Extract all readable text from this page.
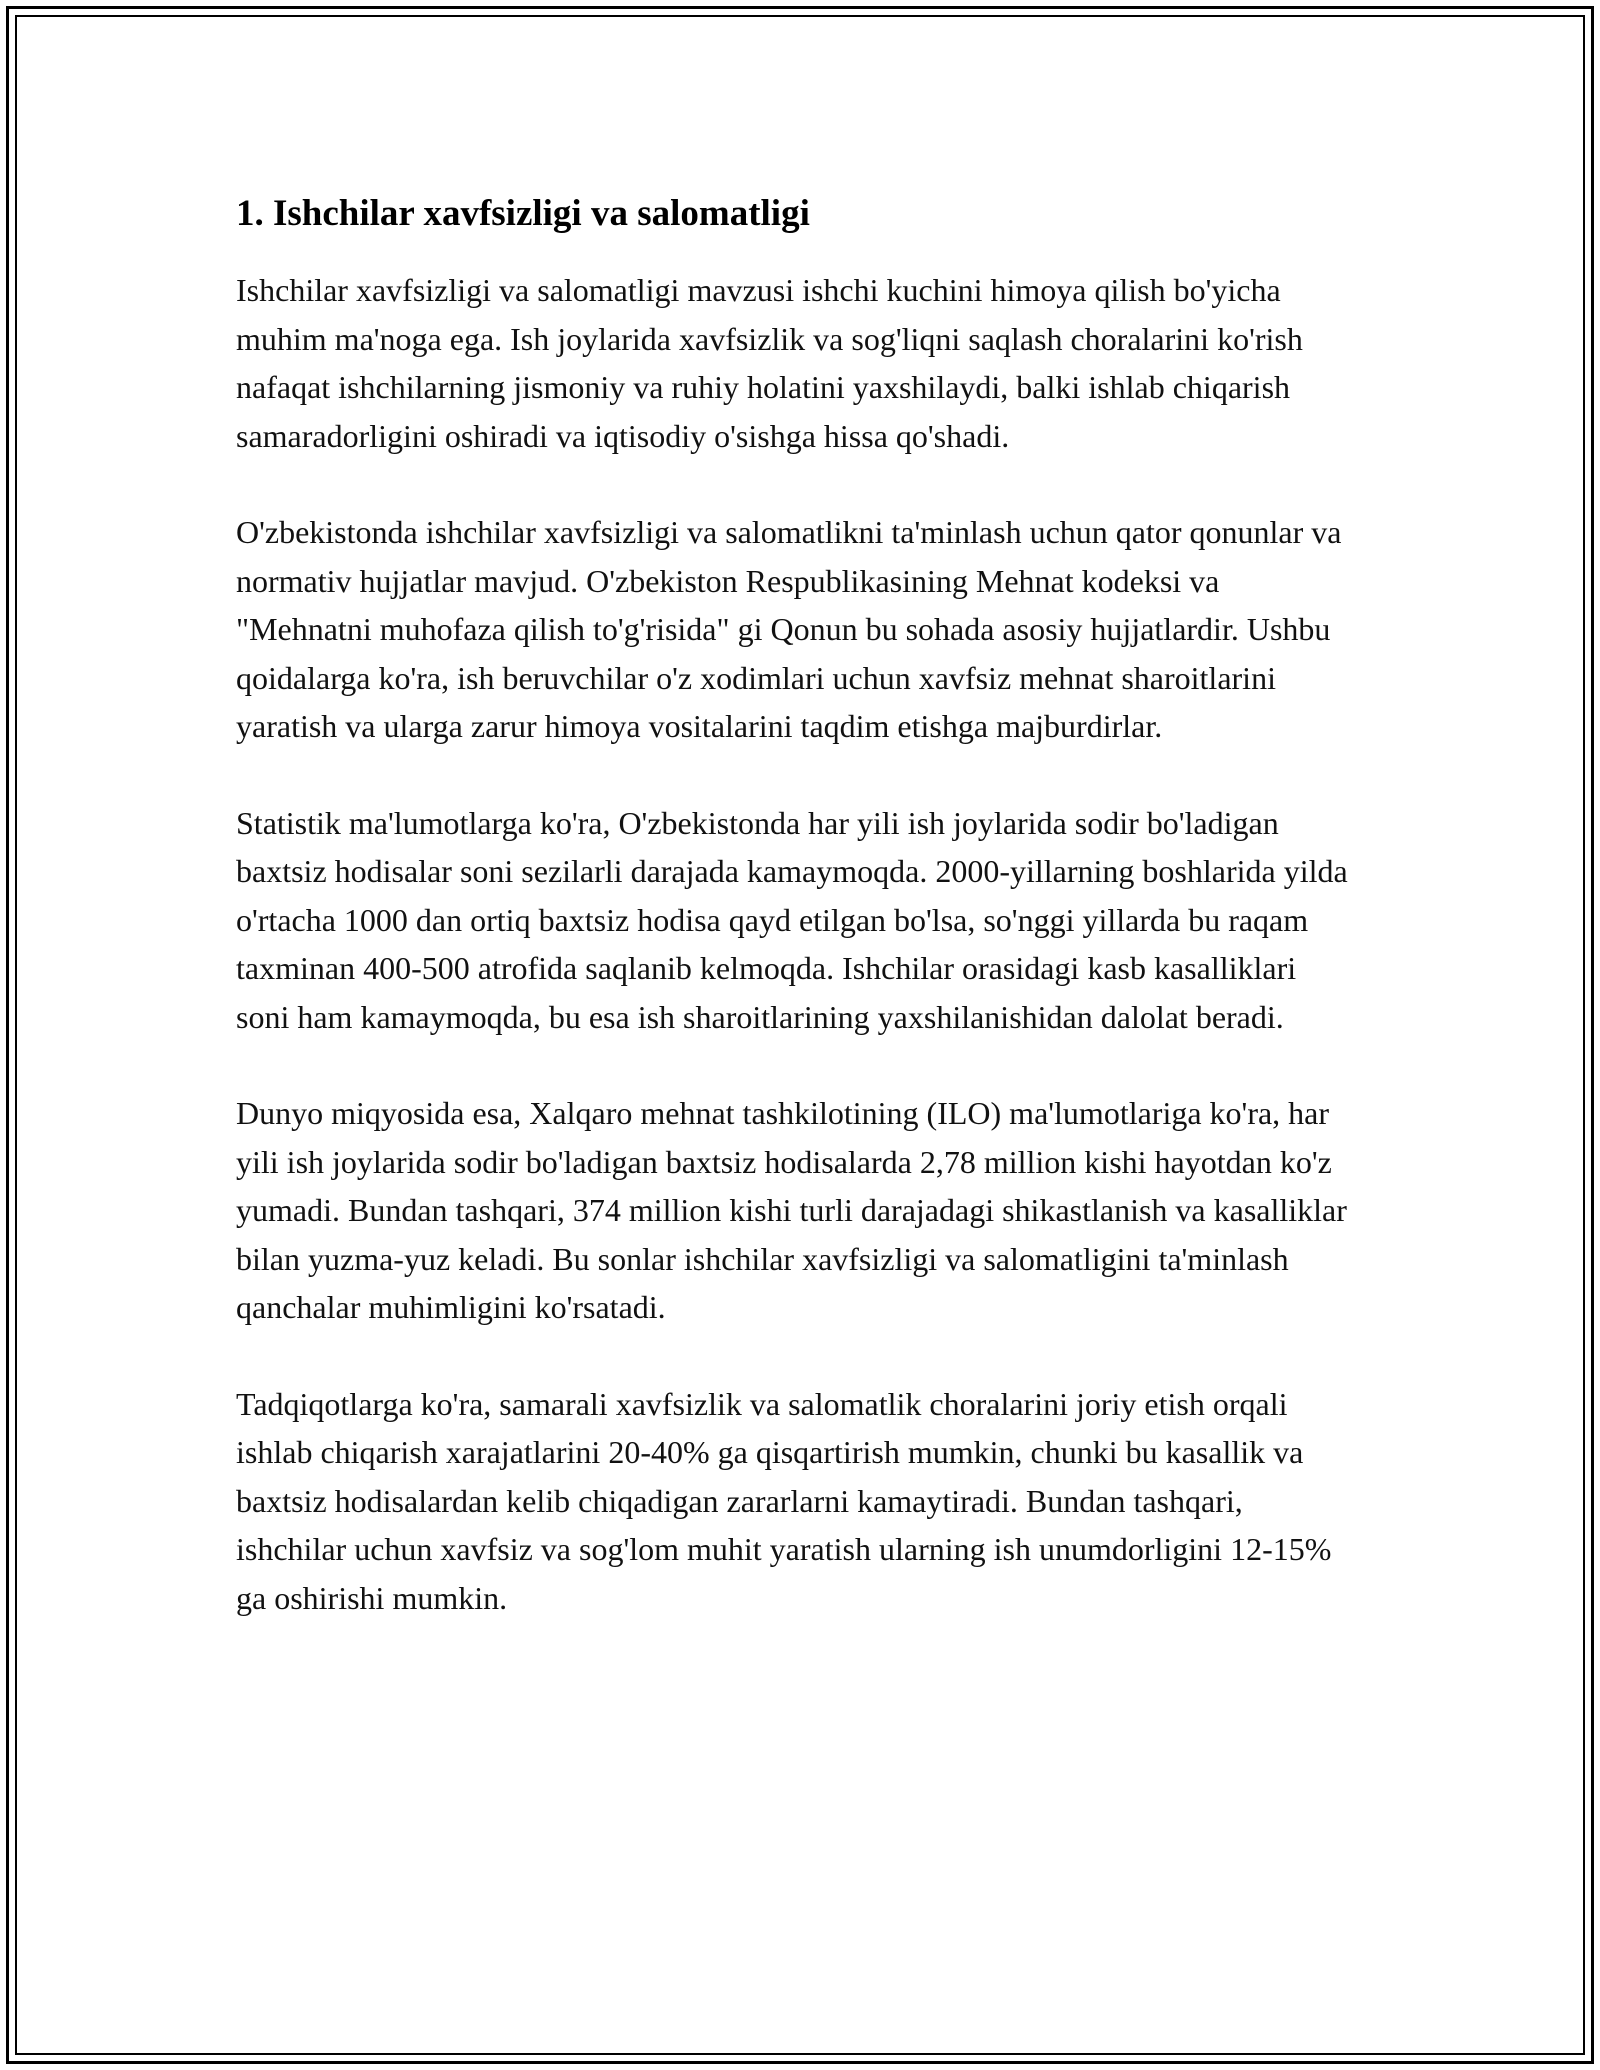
1. Ishchilar xavfsizligi va salomatligi

Ishchilar xavfsizligi va salomatligi mavzusi ishchi kuchini himoya qilish bo'yicha muhim ma'noga ega. Ish joylarida xavfsizlik va sog'liqni saqlash choralarini ko'rish nafaqat ishchilarning jismoniy va ruhiy holatini yaxshilaydi, balki ishlab chiqarish samaradorligini oshiradi va iqtisodiy o'sishga hissa qo'shadi.

O'zbekistonda ishchilar xavfsizligi va salomatlikni ta'minlash uchun qator qonunlar va normativ hujjatlar mavjud. O'zbekiston Respublikasining Mehnat kodeksi va "Mehnatni muhofaza qilish to'g'risida" gi Qonun bu sohada asosiy hujjatlardir. Ushbu qoidalarga ko'ra, ish beruvchilar o'z xodimlari uchun xavfsiz mehnat sharoitlarini yaratish va ularga zarur himoya vositalarini taqdim etishga majburdirlar.

Statistik ma'lumotlarga ko'ra, O'zbekistonda har yili ish joylarida sodir bo'ladigan baxtsiz hodisalar soni sezilarli darajada kamaymoqda. 2000-yillarning boshlarida yilda o'rtacha 1000 dan ortiq baxtsiz hodisa qayd etilgan bo'lsa, so'nggi yillarda bu raqam taxminan 400-500 atrofida saqlanib kelmoqda. Ishchilar orasidagi kasb kasalliklari soni ham kamaymoqda, bu esa ish sharoitlarining yaxshilanishidan dalolat beradi.

Dunyo miqyosida esa, Xalqaro mehnat tashkilotining (ILO) ma'lumotlariga ko'ra, har yili ish joylarida sodir bo'ladigan baxtsiz hodisalarda 2,78 million kishi hayotdan ko'z yumadi. Bundan tashqari, 374 million kishi turli darajadagi shikastlanish va kasalliklar bilan yuzma-yuz keladi. Bu sonlar ishchilar xavfsizligi va salomatligini ta'minlash qanchalar muhimligini ko'rsatadi.

Tadqiqotlarga ko'ra, samarali xavfsizlik va salomatlik choralarini joriy etish orqali ishlab chiqarish xarajatlarini 20-40% ga qisqartirish mumkin, chunki bu kasallik va baxtsiz hodisalardan kelib chiqadigan zararlarni kamaytiradi. Bundan tashqari, ishchilar uchun xavfsiz va sog'lom muhit yaratish ularning ish unumdorligini 12-15% ga oshirishi mumkin.
